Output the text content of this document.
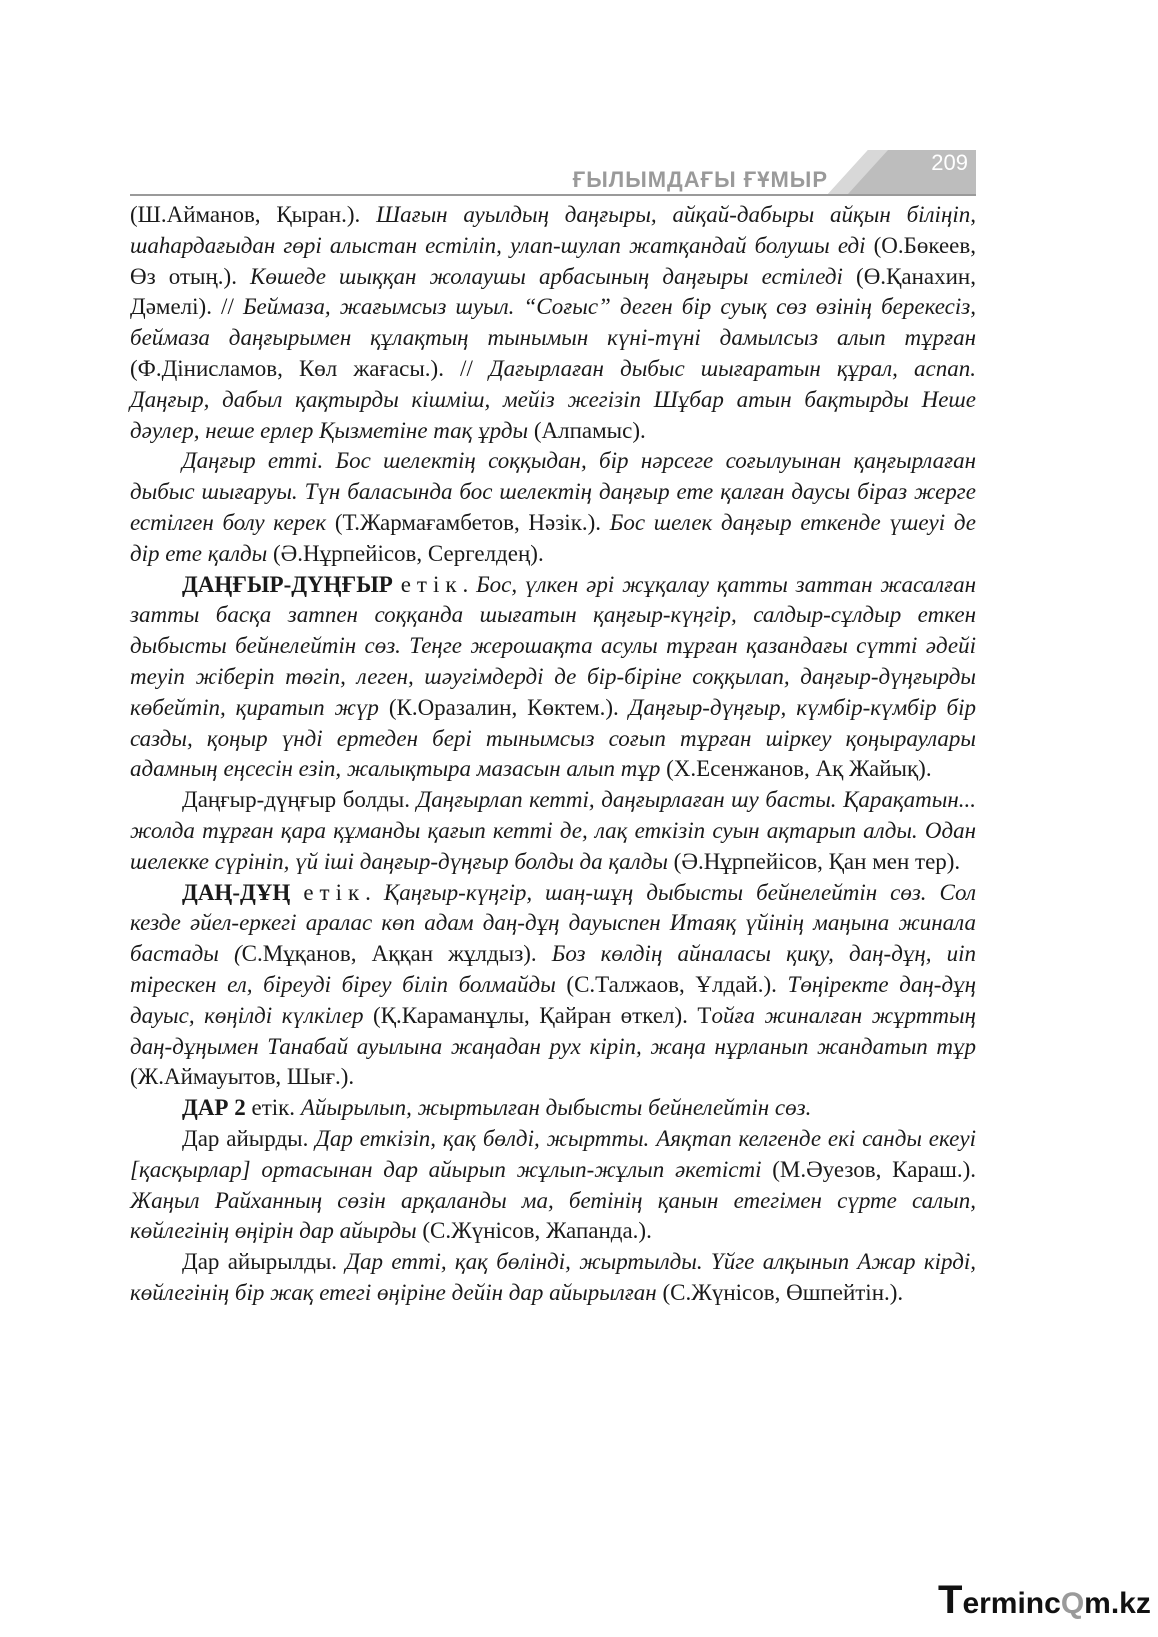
ҒЫЛЫМДАҒЫ ҒҰМЫР
209

(Ш.Айманов, Қыран.). Шағын ауылдың даңғыры, айқай-дабыры айқын біліңіп, шаһардағыдан гөрі алыстан естіліп, улап-шулап жатқандай болушы еді (О.Бөкеев, Өз отың.). Көшеде шыққан жолаушы арбасының даңғыры естіледі (Ө.Қанахин, Дәмелі). // Беймаза, жағымсыз шуыл. “Соғыс” деген бір суық сөз өзінің берекесіз, беймаза даңғырымен құлақтың тынымын күні-түні дамылсыз алып тұрған (Ф.Дінисламов, Көл жағасы.). // Дағырлаған дыбыс шығаратын құрал, аспап. Даңғыр, дабыл қақтырды кішміш, мейіз жегізіп Шұбар атын бақтырды Неше дәулер, неше ерлер Қызметіне тақ ұрды (Алпамыс).

Даңғыр етті. Бос шелектің соққыдан, бір нәрсеге соғылуынан қаңғырлаған дыбыс шығаруы. Түн баласында бос шелектің даңғыр ете қалған даусы біраз жерге естілген болу керек (Т.Жармағамбетов, Нәзік.). Бос шелек даңғыр еткенде үшеуі де дір ете қалды (Ә.Нұрпейісов, Сергелдең).

ДАҢҒЫР-ДҮҢҒЫР етік. Бос, үлкен әрі жұқалау қатты заттан жасалған затты басқа затпен соққанда шығатын қаңғыр-күңгір, салдыр-сұлдыр еткен дыбысты бейнелейтін сөз. Теңге жерошақта асулы тұрған қазандағы сүтті әдейі теуіп жіберіп төгіп, леген, шәугімдерді де бір-біріне соққылап, даңғыр-дүңғырды көбейтіп, қиратып жүр (К.Оразалин, Көктем.). Даңғыр-дүңғыр, күмбір-күмбір бір сазды, қоңыр үнді ертеден бері тынымсыз соғып тұрған шіркеу қоңыраулары адамның еңсесін езіп, жалықтыра мазасын алып тұр (Х.Есенжанов, Ақ Жайық).

Даңғыр-дүңғыр болды. Даңғырлап кетті, даңғырлаған шу басты. Қарақатын... жолда тұрған қара құманды қағып кетті де, лақ еткізіп суын ақтарып алды. Одан шелекке сүрініп, үй іші даңғыр-дүңғыр болды да қалды (Ә.Нұрпейісов, Қан мен тер).

ДАҢ-ДҰҢ етік. Қаңғыр-күңгір, шаң-шұң дыбысты бейнелейтін сөз. Сол кезде әйел-еркегі аралас көп адам даң-дұң дауыспен Итаяқ үйінің маңына жинала бастады (С.Мұқанов, Аққан жұлдыз). Боз көлдің айналасы қиқу, даң-дұң, иіп тірескен ел, біреуді біреу біліп болмайды (С.Талжаов, Ұлдай.). Төңіректе даң-дұң дауыс, көңілді күлкілер (Қ.Караманұлы, Қайран өткел). Тойға жиналған жұрттың даң-дұңымен Танабай ауылына жаңадан рух кіріп, жаңа нұрланып жандатып тұр (Ж.Аймауытов, Шығ.).

ДАР 2 етік. Айырылып, жыртылған дыбысты бейнелейтін сөз.

Дар айырды. Дар еткізіп, қақ бөлді, жыртты. Аяқтап келгенде екі санды екеуі [қасқырлар] ортасынан дар айырып жұлып-жұлып әкетісті (М.Әуезов, Караш.). Жаңыл Райханның сөзін арқаланды ма, бетінің қанын етегімен сүрте салып, көйлегінің өңірін дар айырды (С.Жүнісов, Жапанда.).

Дар айырылды. Дар етті, қақ бөлінді, жыртылды. Үйге алқынып Ажар кірді, көйлегінің бір жақ етегі өңіріне дейін дар айырылған (С.Жүнісов, Өшпейтін.).

TermincQm.kz
